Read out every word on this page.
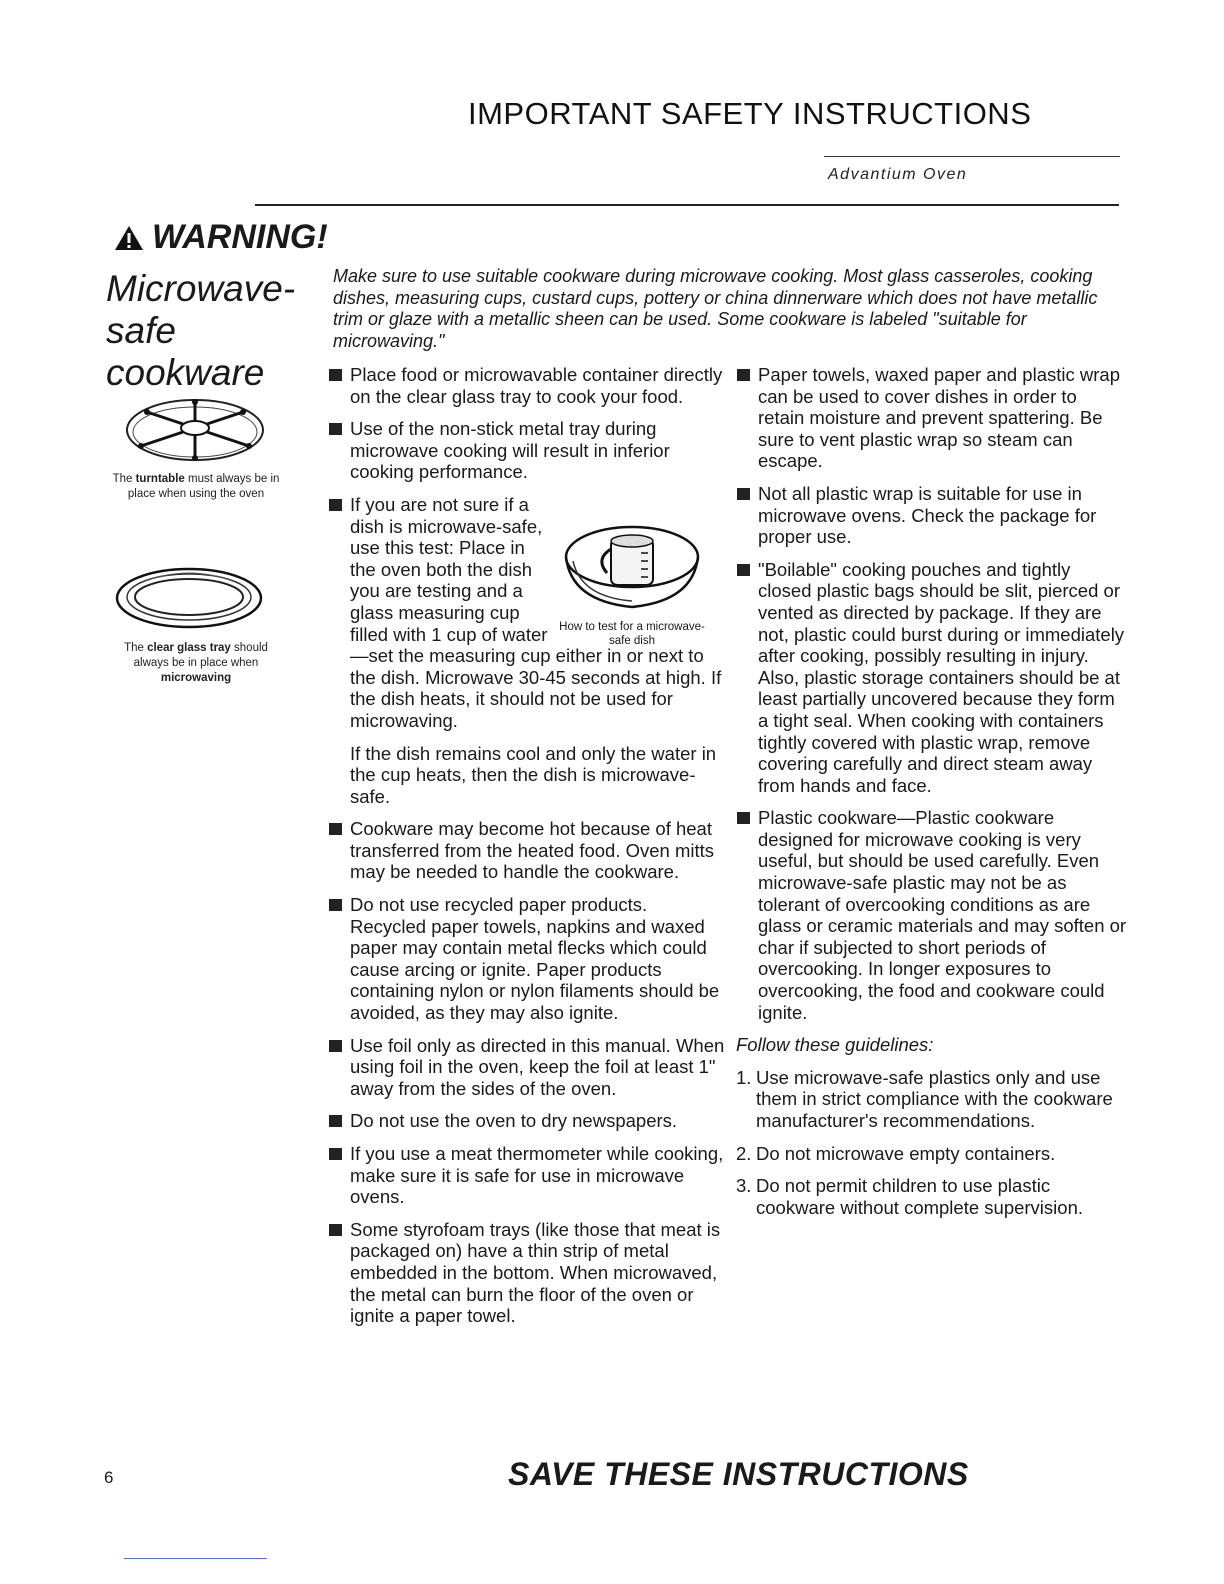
IMPORTANT SAFETY INSTRUCTIONS
Advantium Oven
WARNING!
Microwave-safe cookware
The turntable must always be in place when using the oven
The clear glass tray should always be in place when microwaving
Make sure to use suitable cookware during microwave cooking. Most glass casseroles, cooking dishes, measuring cups, custard cups, pottery or china dinnerware which does not have metallic trim or glaze with a metallic sheen can be used. Some cookware is labeled "suitable for microwaving."
Place food or microwavable container directly on the clear glass tray to cook your food.
Use of the non-stick metal tray during microwave cooking will result in inferior cooking performance.
If you are not sure if a dish is microwave-safe, use this test: Place in the oven both the dish you are testing and a glass measuring cup filled with 1 cup of water—set the measuring cup either in or next to the dish. Microwave 30-45 seconds at high. If the dish heats, it should not be used for microwaving.
If the dish remains cool and only the water in the cup heats, then the dish is microwave-safe.
Cookware may become hot because of heat transferred from the heated food. Oven mitts may be needed to handle the cookware.
Do not use recycled paper products. Recycled paper towels, napkins and waxed paper may contain metal flecks which could cause arcing or ignite. Paper products containing nylon or nylon filaments should be avoided, as they may also ignite.
Use foil only as directed in this manual. When using foil in the oven, keep the foil at least 1" away from the sides of the oven.
Do not use the oven to dry newspapers.
If you use a meat thermometer while cooking, make sure it is safe for use in microwave ovens.
Some styrofoam trays (like those that meat is packaged on) have a thin strip of metal embedded in the bottom. When microwaved, the metal can burn the floor of the oven or ignite a paper towel.
How to test for a microwave-safe dish
Paper towels, waxed paper and plastic wrap can be used to cover dishes in order to retain moisture and prevent spattering. Be sure to vent plastic wrap so steam can escape.
Not all plastic wrap is suitable for use in microwave ovens. Check the package for proper use.
"Boilable" cooking pouches and tightly closed plastic bags should be slit, pierced or vented as directed by package. If they are not, plastic could burst during or immediately after cooking, possibly resulting in injury. Also, plastic storage containers should be at least partially uncovered because they form a tight seal. When cooking with containers tightly covered with plastic wrap, remove covering carefully and direct steam away from hands and face.
Plastic cookware—Plastic cookware designed for microwave cooking is very useful, but should be used carefully. Even microwave-safe plastic may not be as tolerant of overcooking conditions as are glass or ceramic materials and may soften or char if subjected to short periods of overcooking. In longer exposures to overcooking, the food and cookware could ignite.
Follow these guidelines:
1. Use microwave-safe plastics only and use them in strict compliance with the cookware manufacturer's recommendations.
2. Do not microwave empty containers.
3. Do not permit children to use plastic cookware without complete supervision.
6	SAVE THESE INSTRUCTIONS
